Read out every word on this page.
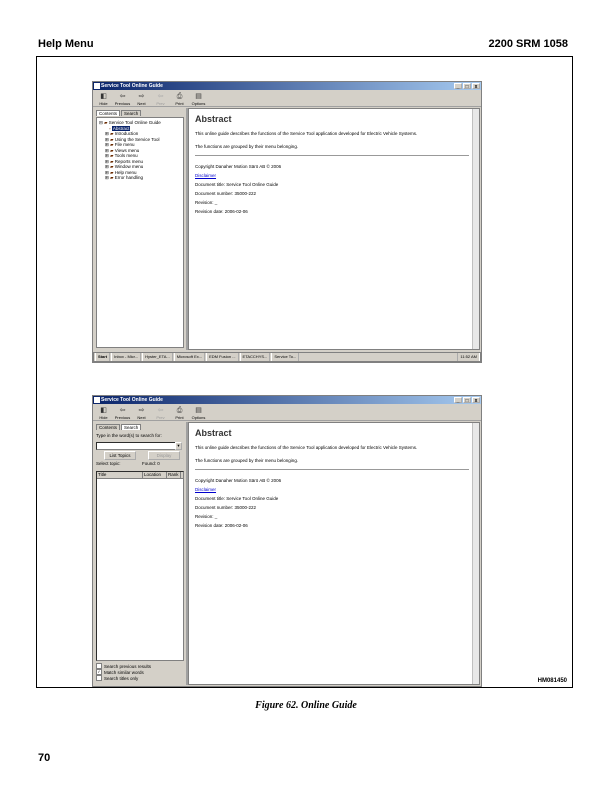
Help Menu	2200 SRM 1058
Service Tool Online Guide	_	□	x
◧
Hide
⇦
Previous
⇨
Next
⇦
Prev
⎙
Print
▤
Options
Contents	Search
⊟ ▰ Service Tool Online Guide
▫ Abstract
⊞ ▰ Introduction
⊞ ▰ Using the Service Tool
⊞ ▰ File menu
⊞ ▰ Views menu
⊞ ▰ Tools menu
⊞ ▰ Reports menu
⊞ ▰ Window menu
⊞ ▰ Help menu
⊞ ▰ Error handling
Abstract

This online guide describes the functions of the Service Tool application developed for Electric Vehicle Systems.

The functions are grouped by their menu belonging.

Copyright Danaher Motion Särö AB © 2006

Disclaimer

Document title: Service Tool Online Guide

Document number: 35000-222

Revision: _

Revision date: 2006-02-06

Start	Inbox - Micr...	Hyster_ETA...	Microsoft Ex...	EDM Fusion ...	ETACCHYS...	Service To...	11:52 AM
Service Tool Online Guide	_	□	x
◧
Hide
⇦
Previous
⇨
Next
⇦
Prev
⎙
Print
▤
Options
Contents	Search
Type in the word(s) to search for:
▾
List Topics	Display
Select topic:	Found: 0
Title	Location	Rank
Search previous results
✓ Match similar words
Search titles only
Abstract

This online guide describes the functions of the Service Tool application developed for Electric Vehicle Systems.

The functions are grouped by their menu belonging.

Copyright Danaher Motion Särö AB © 2006

Disclaimer

Document title: Service Tool Online Guide

Document number: 35000-222

Revision: _

Revision date: 2006-02-06

HM081450
Figure 62. Online Guide
70
